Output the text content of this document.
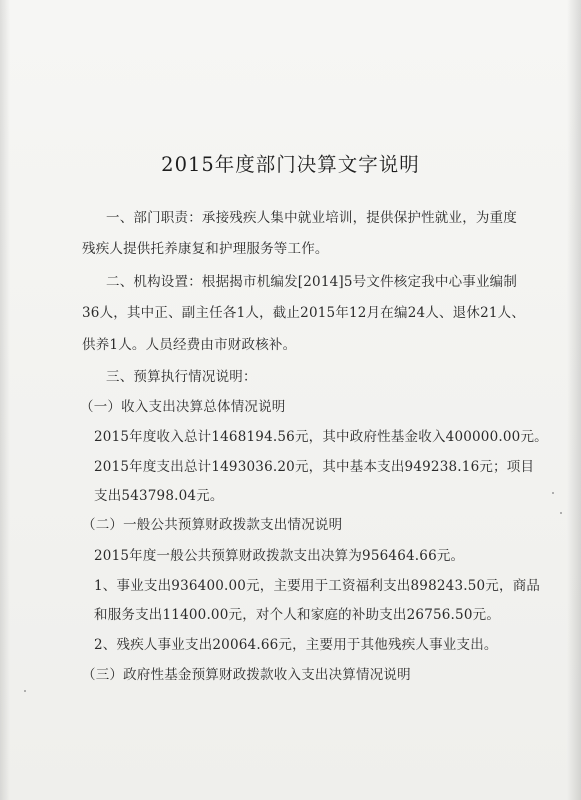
2015年度部门决算文字说明
一、部门职责：承接残疾人集中就业培训，提供保护性就业，为重度
残疾人提供托养康复和护理服务等工作。
二、机构设置：根据揭市机编发[2014]5号文件核定我中心事业编制
36人，其中正、副主任各1人，截止2015年12月在编24人、退休21人、
供养1人。人员经费由市财政核补。
三、预算执行情况说明：
（一）收入支出决算总体情况说明
2015年度收入总计1468194.56元，其中政府性基金收入400000.00元。
2015年度支出总计1493036.20元，其中基本支出949238.16元；项目
支出543798.04元。
（二）一般公共预算财政拨款支出情况说明
2015年度一般公共预算财政拨款支出决算为956464.66元。
1、事业支出936400.00元，主要用于工资福利支出898243.50元，商品
和服务支出11400.00元，对个人和家庭的补助支出26756.50元。
2、残疾人事业支出20064.66元，主要用于其他残疾人事业支出。
（三）政府性基金预算财政拨款收入支出决算情况说明
